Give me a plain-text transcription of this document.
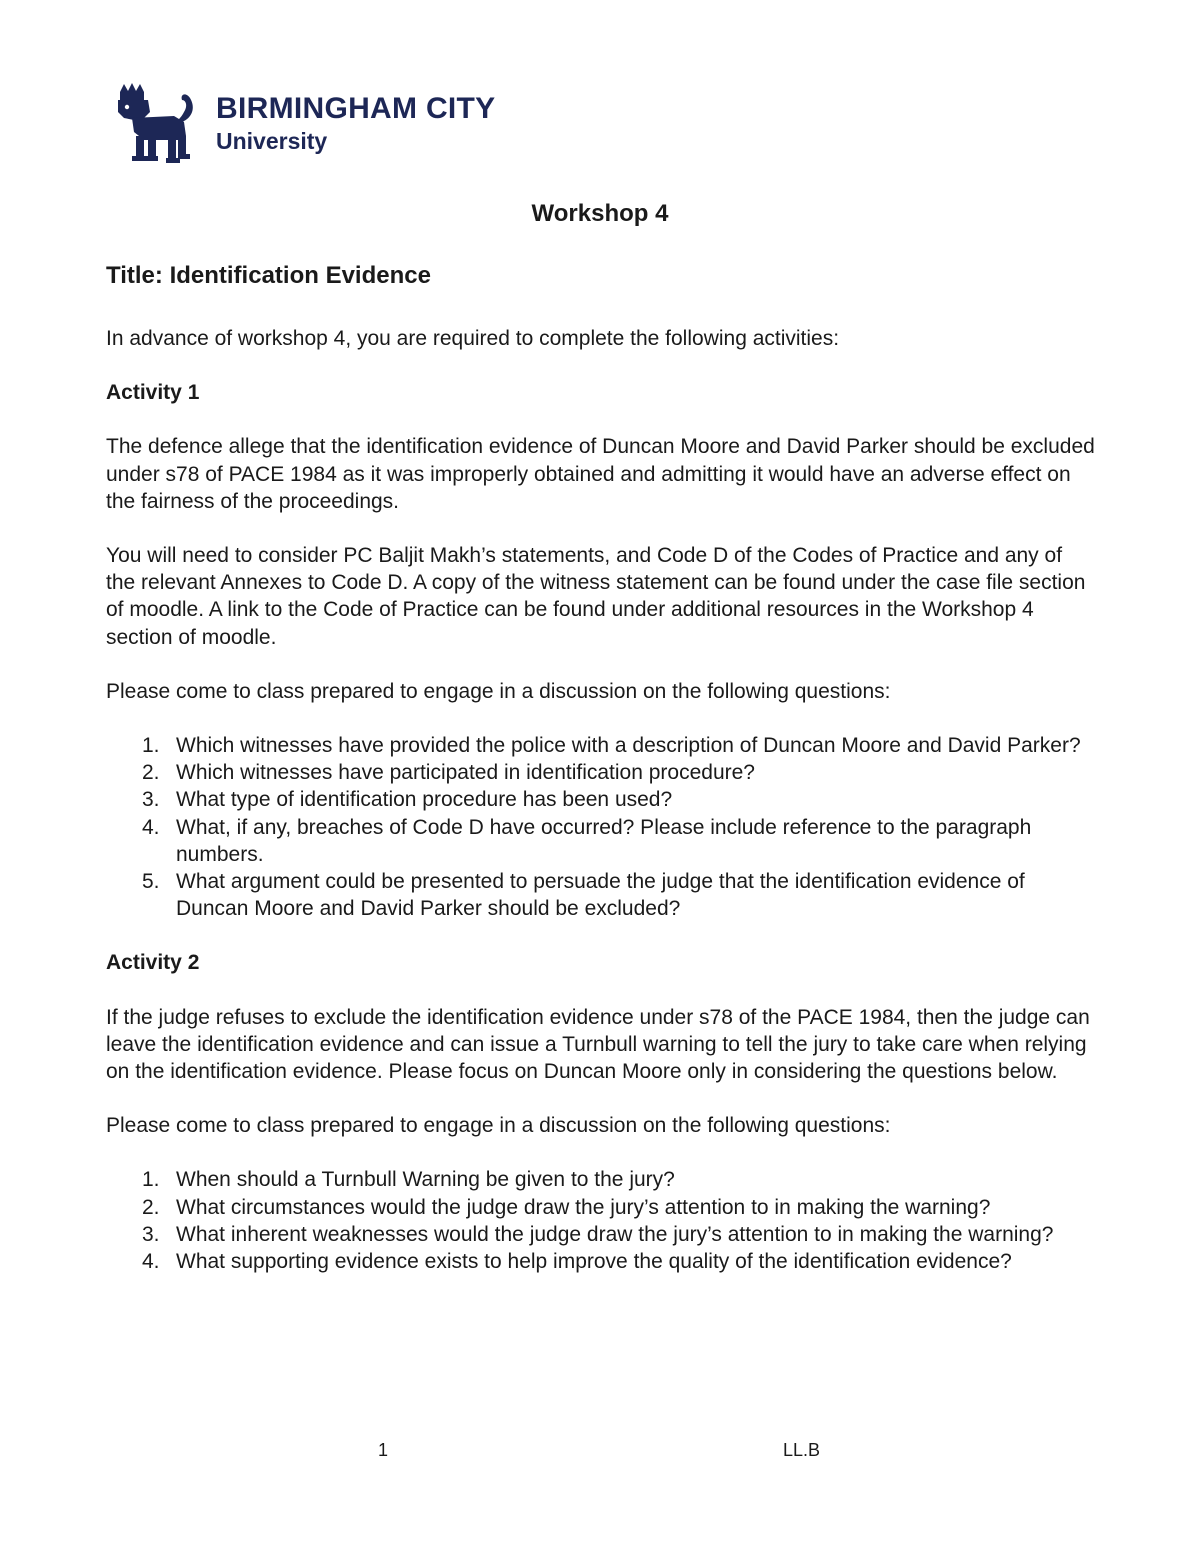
BIRMINGHAM CITY
University
Workshop 4
Title: Identification Evidence

In advance of workshop 4, you are required to complete the following activities:

Activity 1

The defence allege that the identification evidence of Duncan Moore and David Parker should be excluded under s78 of PACE 1984 as it was improperly obtained and admitting it would have an adverse effect on the fairness of the proceedings.

You will need to consider PC Baljit Makh’s statements, and Code D of the Codes of Practice and any of the relevant Annexes to Code D. A copy of the witness statement can be found under the case file section of moodle. A link to the Code of Practice can be found under additional resources in the Workshop 4 section of moodle.

Please come to class prepared to engage in a discussion on the following questions:

1. Which witnesses have provided the police with a description of Duncan Moore and David Parker?
2. Which witnesses have participated in identification procedure?
3. What type of identification procedure has been used?
4. What, if any, breaches of Code D have occurred? Please include reference to the paragraph numbers.
5. What argument could be presented to persuade the judge that the identification evidence of Duncan Moore and David Parker should be excluded?
Activity 2

If the judge refuses to exclude the identification evidence under s78 of the PACE 1984, then the judge can leave the identification evidence and can issue a Turnbull warning to tell the jury to take care when relying on the identification evidence. Please focus on Duncan Moore only in considering the questions below.

Please come to class prepared to engage in a discussion on the following questions:

1. When should a Turnbull Warning be given to the jury?
2. What circumstances would the judge draw the jury’s attention to in making the warning?
3. What inherent weaknesses would the judge draw the jury’s attention to in making the warning?
4. What supporting evidence exists to help improve the quality of the identification evidence?
1	LL.B
